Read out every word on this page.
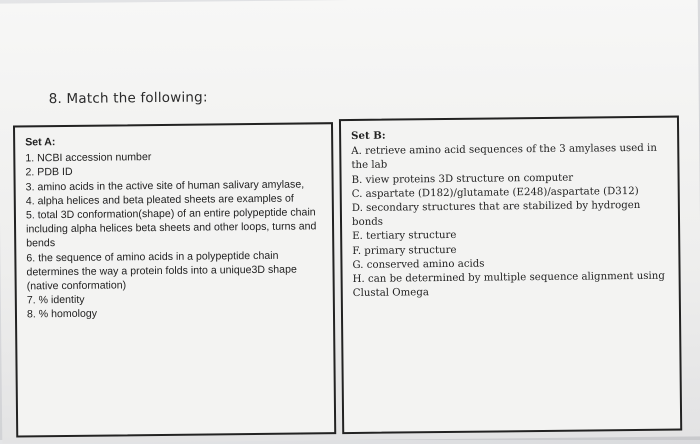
8. Match the following:
Set A:
1. NCBI accession number
2. PDB ID
3. amino acids in the active site of human salivary amylase,
4. alpha helices and beta pleated sheets are examples of
5. total 3D conformation(shape) of an entire polypeptide chain including alpha helices beta sheets and other loops, turns and bends
6. the sequence of amino acids in a polypeptide chain determines the way a protein folds into a unique3D shape (native conformation)
7. % identity
8. % homology
Set B:
A. retrieve amino acid sequences of the 3 amylases used in the lab
B. view proteins 3D structure on computer
C. aspartate (D182)/glutamate (E248)/aspartate (D312)
D. secondary structures that are stabilized by hydrogen bonds
E. tertiary structure
F. primary structure
G. conserved amino acids
H. can be determined by multiple sequence alignment using Clustal Omega
